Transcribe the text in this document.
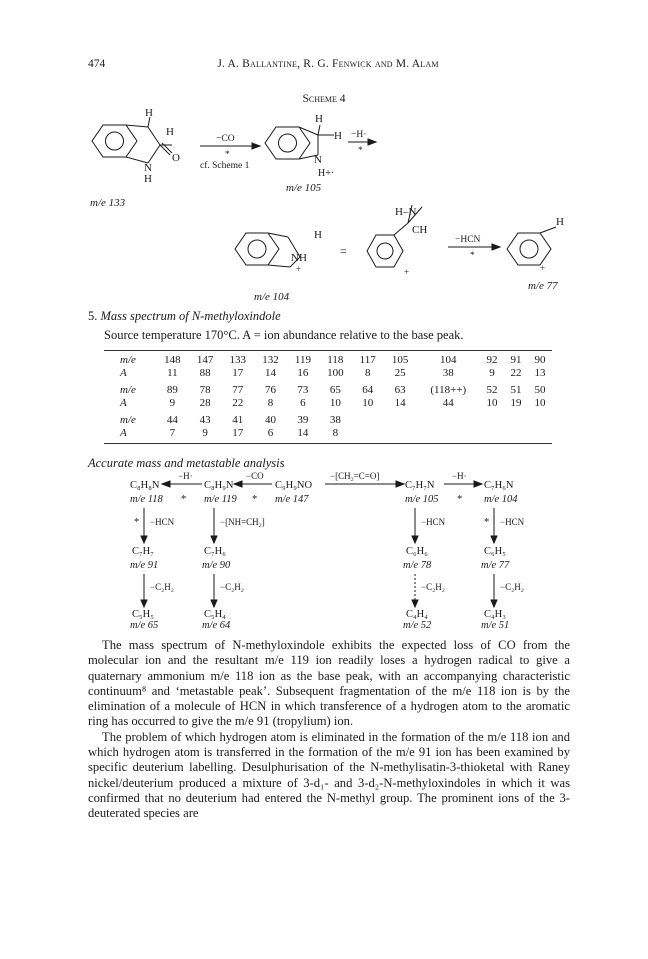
474	J. A. Ballantine, R. G. Fenwick and M. Alam
Scheme 4
H
H
N
O
H
m/e 133
−CO
*
cf. Scheme 1
H
H
N
H+·
m/e 105
−H·
*
H
NH
+
m/e 104
=
H–N
CH
+
−HCN
*
H
+
m/e 77
5. Mass spectrum of N-methyloxindole
Source temperature 170°C. A = ion abundance relative to the base peak.
m/e	148	147	133	132	119	118	117	105	104	92	91	90
A	11	88	17	14	16	100	8	25	38	9	22	13
m/e	89	78	77	76	73	65	64	63	(118++)	52	51	50
A	9	28	22	8	6	10	10	14	44	10	19	10
m/e	44	43	41	40	39	38						
A	7	9	17	6	14	8						
Accurate mass and metastable analysis
C₈H₈N	C₈H₉N	C₉H₉NO	C₇H₇N	C₇H₆N
−H·	−CO	−[CH₂=C=O]	−H·
m/e 118 * m/e 119 * m/e 147	m/e 105 * m/e 104
* −HCN	−[NH=CH₂]	−HCN	* −HCN
C₇H₇	C₇H₆	C₆H₆	C₆H₅
m/e 91	m/e 90	m/e 78	m/e 77
−C₂H₂	−C₂H₂	−C₂H₂	−C₂H₂
C₅H₅	C₅H₄	C₄H₄	C₄H₃
m/e 65	m/e 64	m/e 52	m/e 51

The mass spectrum of N-methyloxindole exhibits the expected loss of CO from the molecular ion and the resultant m/e 119 ion readily loses a hydrogen radical to give a quaternary ammonium m/e 118 ion as the base peak, with an accompanying characteristic continuum⁸ and ‘metastable peak’. Subsequent fragmentation of the m/e 118 ion is by the elimination of a molecule of HCN in which transference of a hydrogen atom to the aromatic ring has occurred to give the m/e 91 (tropylium) ion.

The problem of which hydrogen atom is eliminated in the formation of the m/e 118 ion and which hydrogen atom is transferred in the formation of the m/e 91 ion has been examined by specific deuterium labelling. Desulphurisation of the N-methylisatin-3-thioketal with Raney nickel/deuterium produced a mixture of 3-d₁- and 3-d₂-N-methyloxindoles in which it was confirmed that no deuterium had entered the N-methyl group. The prominent ions of the 3-deuterated species are
